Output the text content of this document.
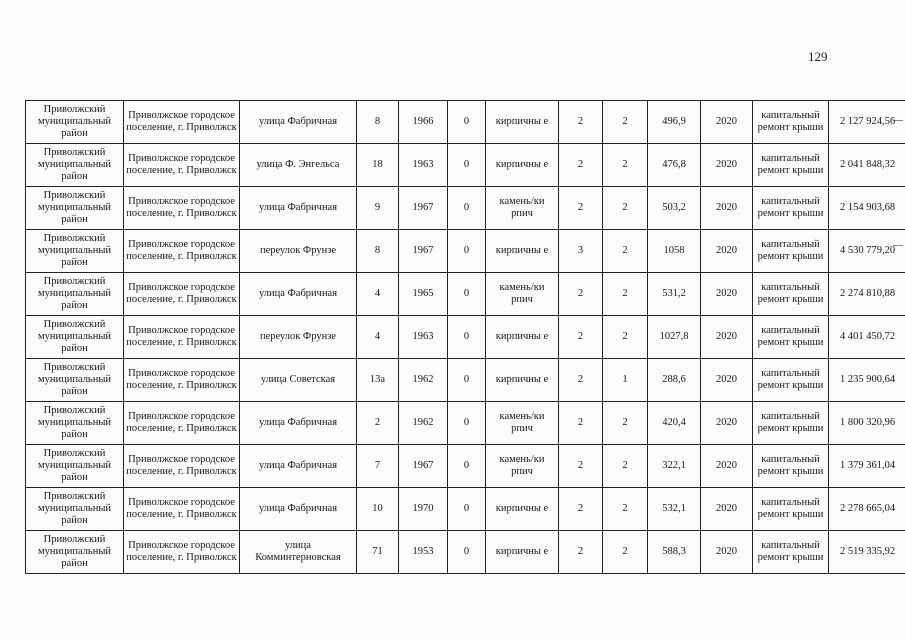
129
Приволжский муниципальный район	Приволжское городское поселение, г. Приволжск	улица Фабричная	8	1966	0	кирпичны е	2	2	496,9	2020	капитальный ремонт крыши	2 127 924,56
Приволжский муниципальный район	Приволжское городское поселение, г. Приволжск	улица Ф. Энгельса	18	1963	0	кирпичны е	2	2	476,8	2020	капитальный ремонт крыши	2 041 848,32
Приволжский муниципальный район	Приволжское городское поселение, г. Приволжск	улица Фабричная	9	1967	0	камень/ки рпич	2	2	503,2	2020	капитальный ремонт крыши	2 154 903,68
Приволжский муниципальный район	Приволжское городское поселение, г. Приволжск	переулок Фрунзе	8	1967	0	кирпичны е	3	2	1058	2020	капитальный ремонт крыши	4 530 779,20
Приволжский муниципальный район	Приволжское городское поселение, г. Приволжск	улица Фабричная	4	1965	0	камень/ки рпич	2	2	531,2	2020	капитальный ремонт крыши	2 274 810,88
Приволжский муниципальный район	Приволжское городское поселение, г. Приволжск	переулок Фрунзе	4	1963	0	кирпичны е	2	2	1027,8	2020	капитальный ремонт крыши	4 401 450,72
Приволжский муниципальный район	Приволжское городское поселение, г. Приволжск	улица Советская	13а	1962	0	кирпичны е	2	1	288,6	2020	капитальный ремонт крыши	1 235 900,64
Приволжский муниципальный район	Приволжское городское поселение, г. Приволжск	улица Фабричная	2	1962	0	камень/ки рпич	2	2	420,4	2020	капитальный ремонт крыши	1 800 320,96
Приволжский муниципальный район	Приволжское городское поселение, г. Приволжск	улица Фабричная	7	1967	0	камень/ки рпич	2	2	322,1	2020	капитальный ремонт крыши	1 379 361,04
Приволжский муниципальный район	Приволжское городское поселение, г. Приволжск	улица Фабричная	10	1970	0	кирпичны е	2	2	532,1	2020	капитальный ремонт крыши	2 278 665,04
Приволжский муниципальный район	Приволжское городское поселение, г. Приволжск	улица Комминтерновская	71	1953	0	кирпичны е	2	2	588,3	2020	капитальный ремонт крыши	2 519 335,92
